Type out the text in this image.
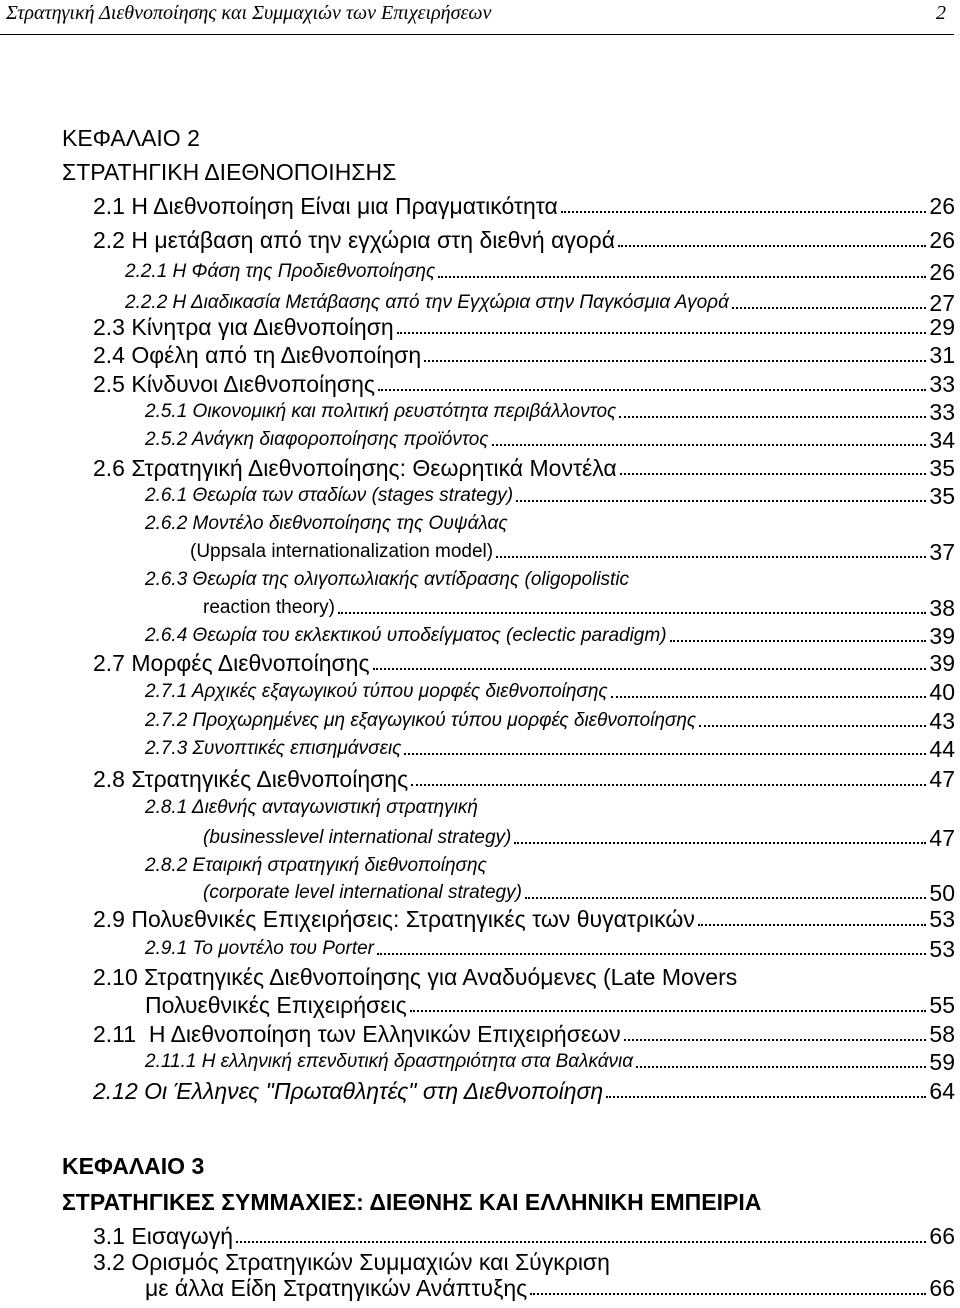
Στρατηγική Διεθνοποίησης και Συμμαχιών των Επιχειρήσεων	2
ΚΕΦΑΛΑΙΟ 2
ΣΤΡΑΤΗΓΙΚΗ ΔΙΕΘΝΟΠΟΙΗΣΗΣ
2.1 Η Διεθνοποίηση Είναι μια Πραγματικότητα	26
2.2 Η μετάβαση από την εγχώρια στη διεθνή αγορά	26
2.2.1 Η Φάση της Προδιεθνοποίησης	26
2.2.2 Η Διαδικασία Μετάβασης από την Εγχώρια στην Παγκόσμια Αγορά	27
2.3 Κίνητρα για Διεθνοποίηση	29
2.4 Οφέλη από τη Διεθνοποίηση	31
2.5 Κίνδυνοι Διεθνοποίησης	33
2.5.1 Οικονομική και πολιτική ρευστότητα περιβάλλοντος	33
2.5.2 Ανάγκη διαφοροποίησης προϊόντος	34
2.6 Στρατηγική Διεθνοποίησης: Θεωρητικά Μοντέλα	35
2.6.1 Θεωρία των σταδίων (stages strategy)	35
2.6.2 Μοντέλο διεθνοποίησης της Ουψάλας
(Uppsala internationalization model)	37
2.6.3 Θεωρία της ολιγοπωλιακής αντίδρασης (oligopolistic
reaction theory)	38
2.6.4 Θεωρία του εκλεκτικού υποδείγματος (eclectic paradigm)	39
2.7 Μορφές Διεθνοποίησης	39
2.7.1 Αρχικές εξαγωγικού τύπου μορφές διεθνοποίησης	40
2.7.2 Προχωρημένες μη εξαγωγικού τύπου μορφές διεθνοποίησης	43
2.7.3 Συνοπτικές επισημάνσεις	44
2.8 Στρατηγικές Διεθνοποίησης	47
2.8.1 Διεθνής ανταγωνιστική στρατηγική
(businesslevel international strategy)	47
2.8.2 Εταιρική στρατηγική διεθνοποίησης
(corporate level international strategy)	50
2.9 Πολυεθνικές Επιχειρήσεις: Στρατηγικές των θυγατρικών	53
2.9.1 Το μοντέλο του Porter	53
2.10 Στρατηγικές Διεθνοποίησης για Αναδυόμενες (Late Movers
Πολυεθνικές Επιχειρήσεις	55
2.11  Η Διεθνοποίηση των Ελληνικών Επιχειρήσεων	58
2.11.1 Η ελληνική επενδυτική δραστηριότητα στα Βαλκάνια	59
2.12 Οι Έλληνες "Πρωταθλητές" στη Διεθνοποίηση	64
ΚΕΦΑΛΑΙΟ 3
ΣΤΡΑΤΗΓΙΚΕΣ ΣΥΜΜΑΧΙΕΣ: ΔΙΕΘΝΗΣ ΚΑΙ ΕΛΛΗΝΙΚΗ ΕΜΠΕΙΡΙΑ
3.1 Εισαγωγή	66
3.2 Ορισμός Στρατηγικών Συμμαχιών και Σύγκριση
με άλλα Είδη Στρατηγικών Ανάπτυξης	66
